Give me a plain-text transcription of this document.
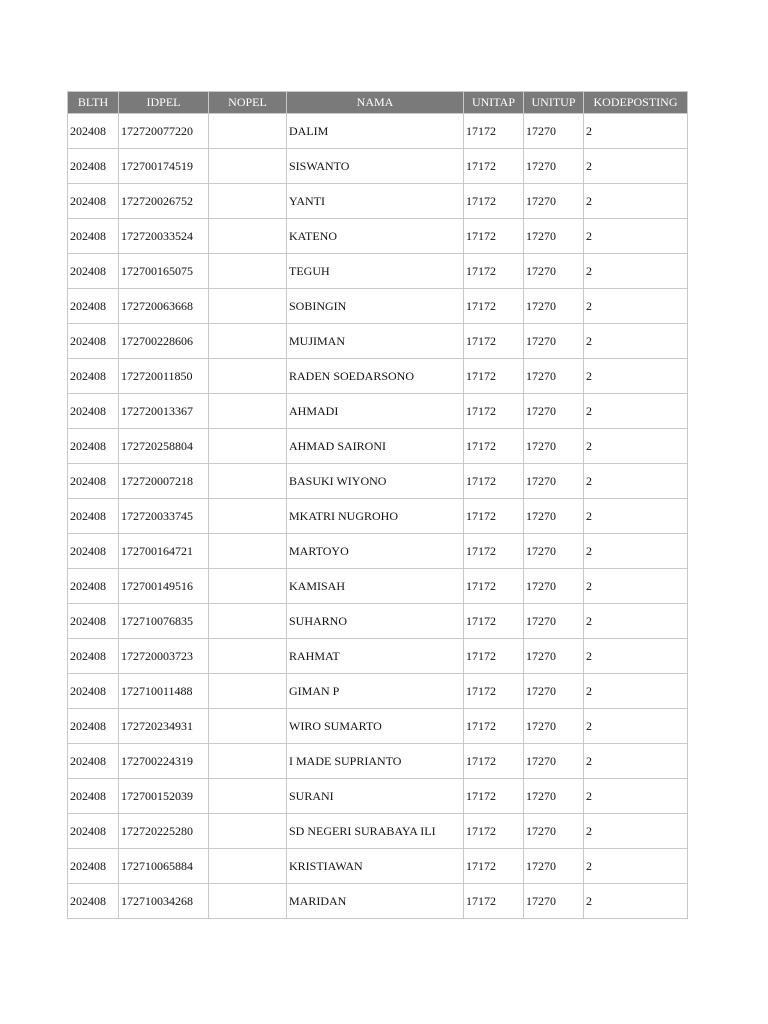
BLTH	IDPEL	NOPEL	NAMA	UNITAP	UNITUP	KODEPOSTING
202408	172720077220		DALIM	17172	17270	2
202408	172700174519		SISWANTO	17172	17270	2
202408	172720026752		YANTI	17172	17270	2
202408	172720033524		KATENO	17172	17270	2
202408	172700165075		TEGUH	17172	17270	2
202408	172720063668		SOBINGIN	17172	17270	2
202408	172700228606		MUJIMAN	17172	17270	2
202408	172720011850		RADEN SOEDARSONO	17172	17270	2
202408	172720013367		AHMADI	17172	17270	2
202408	172720258804		AHMAD SAIRONI	17172	17270	2
202408	172720007218		BASUKI WIYONO	17172	17270	2
202408	172720033745		MKATRI NUGROHO	17172	17270	2
202408	172700164721		MARTOYO	17172	17270	2
202408	172700149516		KAMISAH	17172	17270	2
202408	172710076835		SUHARNO	17172	17270	2
202408	172720003723		RAHMAT	17172	17270	2
202408	172710011488		GIMAN P	17172	17270	2
202408	172720234931		WIRO SUMARTO	17172	17270	2
202408	172700224319		I MADE SUPRIANTO	17172	17270	2
202408	172700152039		SURANI	17172	17270	2
202408	172720225280		SD NEGERI SURABAYA ILI	17172	17270	2
202408	172710065884		KRISTIAWAN	17172	17270	2
202408	172710034268		MARIDAN	17172	17270	2
